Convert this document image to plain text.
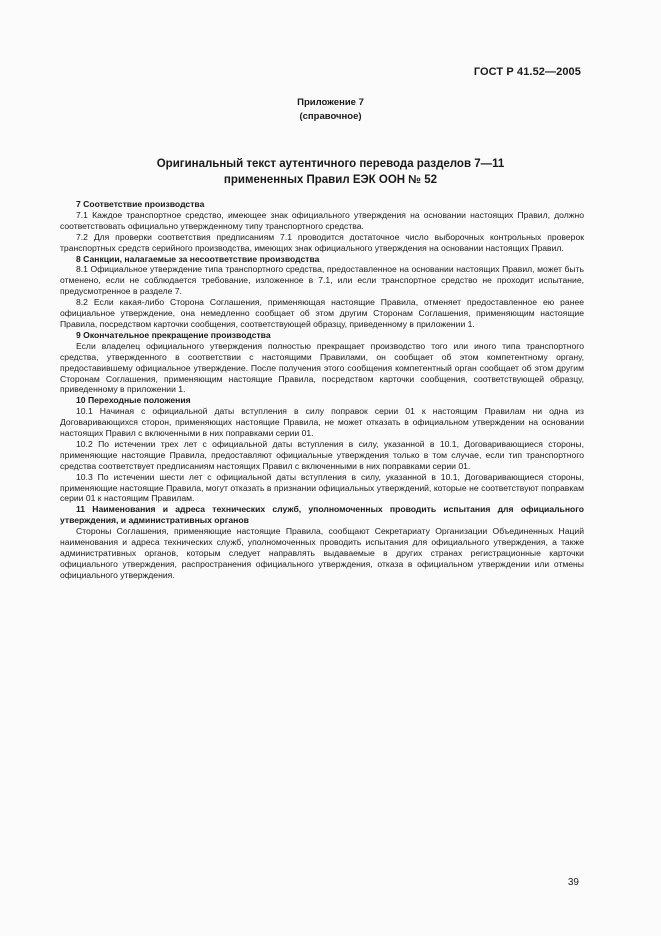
ГОСТ Р 41.52—2005
Приложение 7
(справочное)
Оригинальный текст аутентичного перевода разделов 7—11
примененных Правил ЕЭК ООН № 52

7 Соответствие производства

7.1 Каждое транспортное средство, имеющее знак официального утверждения на основании настоящих Правил, должно соответствовать официально утвержденному типу транспортного средства.

7.2 Для проверки соответствия предписаниям 7.1 проводится достаточное число выборочных контрольных проверок транспортных средств серийного производства, имеющих знак официального утверждения на основании настоящих Правил.

8 Санкции, налагаемые за несоответствие производства

8.1 Официальное утверждение типа транспортного средства, предоставленное на основании настоящих Правил, может быть отменено, если не соблюдается требование, изложенное в 7.1, или если транспортное средство не проходит испытание, предусмотренное в разделе 7.

8.2 Если какая-либо Сторона Соглашения, применяющая настоящие Правила, отменяет предоставленное ею ранее официальное утверждение, она немедленно сообщает об этом другим Сторонам Соглашения, применяющим настоящие Правила, посредством карточки сообщения, соответствующей образцу, приведенному в приложении 1.

9 Окончательное прекращение производства

Если владелец официального утверждения полностью прекращает производство того или иного типа транспортного средства, утвержденного в соответствии с настоящими Правилами, он сообщает об этом компетентному органу, предоставившему официальное утверждение. После получения этого сообщения компетентный орган сообщает об этом другим Сторонам Соглашения, применяющим настоящие Правила, посредством карточки сообщения, соответствующей образцу, приведенному в приложении 1.

10 Переходные положения

10.1 Начиная с официальной даты вступления в силу поправок серии 01 к настоящим Правилам ни одна из Договаривающихся сторон, применяющих настоящие Правила, не может отказать в официальном утверждении на основании настоящих Правил с включенными в них поправками серии 01.

10.2 По истечении трех лет с официальной даты вступления в силу, указанной в 10.1, Договаривающиеся стороны, применяющие настоящие Правила, предоставляют официальные утверждения только в том случае, если тип транспортного средства соответствует предписаниям настоящих Правил с включенными в них поправками серии 01.

10.3 По истечении шести лет с официальной даты вступления в силу, указанной в 10.1, Договаривающиеся стороны, применяющие настоящие Правила, могут отказать в признании официальных утверждений, которые не соответствуют поправкам серии 01 к настоящим Правилам.

11 Наименования и адреса технических служб, уполномоченных проводить испытания для официального утверждения, и административных органов

Стороны Соглашения, применяющие настоящие Правила, сообщают Секретариату Организации Объединенных Наций наименования и адреса технических служб, уполномоченных проводить испытания для официального утверждения, а также административных органов, которым следует направлять выдаваемые в других странах регистрационные карточки официального утверждения, распространения официального утверждения, отказа в официальном утверждении или отмены официального утверждения.

39
